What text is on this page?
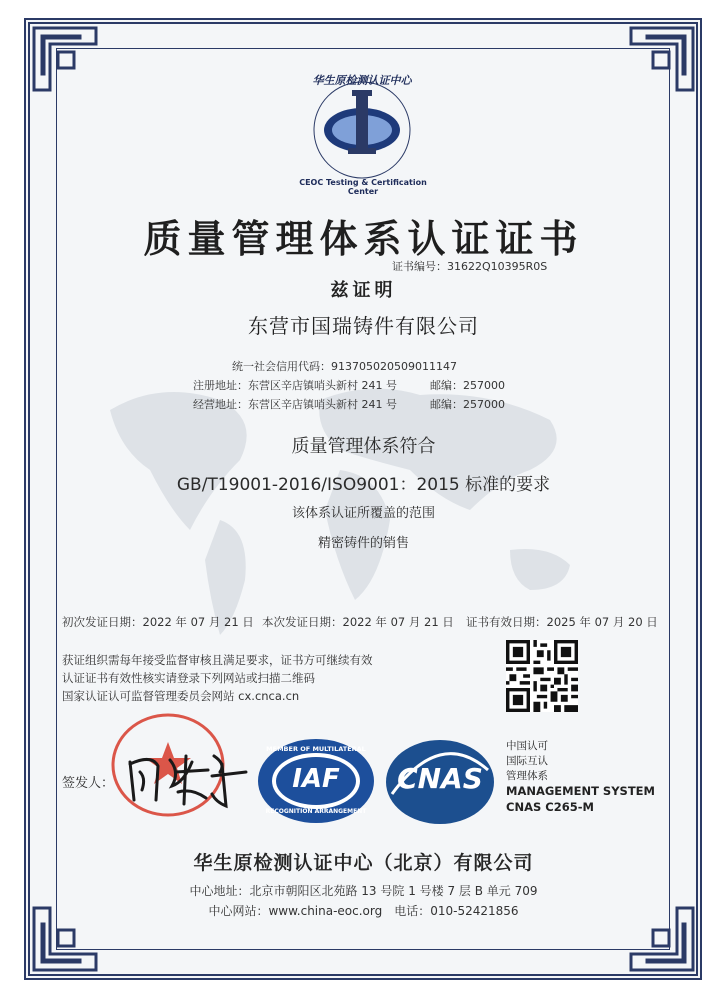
华生原检测认证中心
CEOC Testing & Certification Center
质量管理体系认证证书
证书编号：31622Q10395R0S
兹证明
东营市国瑞铸件有限公司
统一社会信用代码：913705020509011147
注册地址：东营区辛店镇哨头新村 241 号	邮编：257000
经营地址：东营区辛店镇哨头新村 241 号	邮编：257000
质量管理体系符合
GB/T19001-2016/ISO9001：2015 标准的要求
该体系认证所覆盖的范围
精密铸件的销售
初次发证日期：2022 年 07 月 21 日 本次发证日期：2022 年 07 月 21 日 证书有效日期：2025 年 07 月 20 日
获证组织需每年接受监督审核且满足要求，证书方可继续有效
认证证书有效性核实请登录下列网站或扫描二维码
国家认证认可监督管理委员会网站 cx.cnca.cn
签发人：
MEMBER OF MULTILATERAL
IAF
RECOGNITION ARRANGEMENT
CNAS
中国认可
国际互认
管理体系
MANAGEMENT SYSTEM
CNAS C265-M
华生原检测认证中心（北京）有限公司
中心地址：北京市朝阳区北苑路 13 号院 1 号楼 7 层 B 单元 709
中心网站：www.china-eoc.org　电话：010-52421856
